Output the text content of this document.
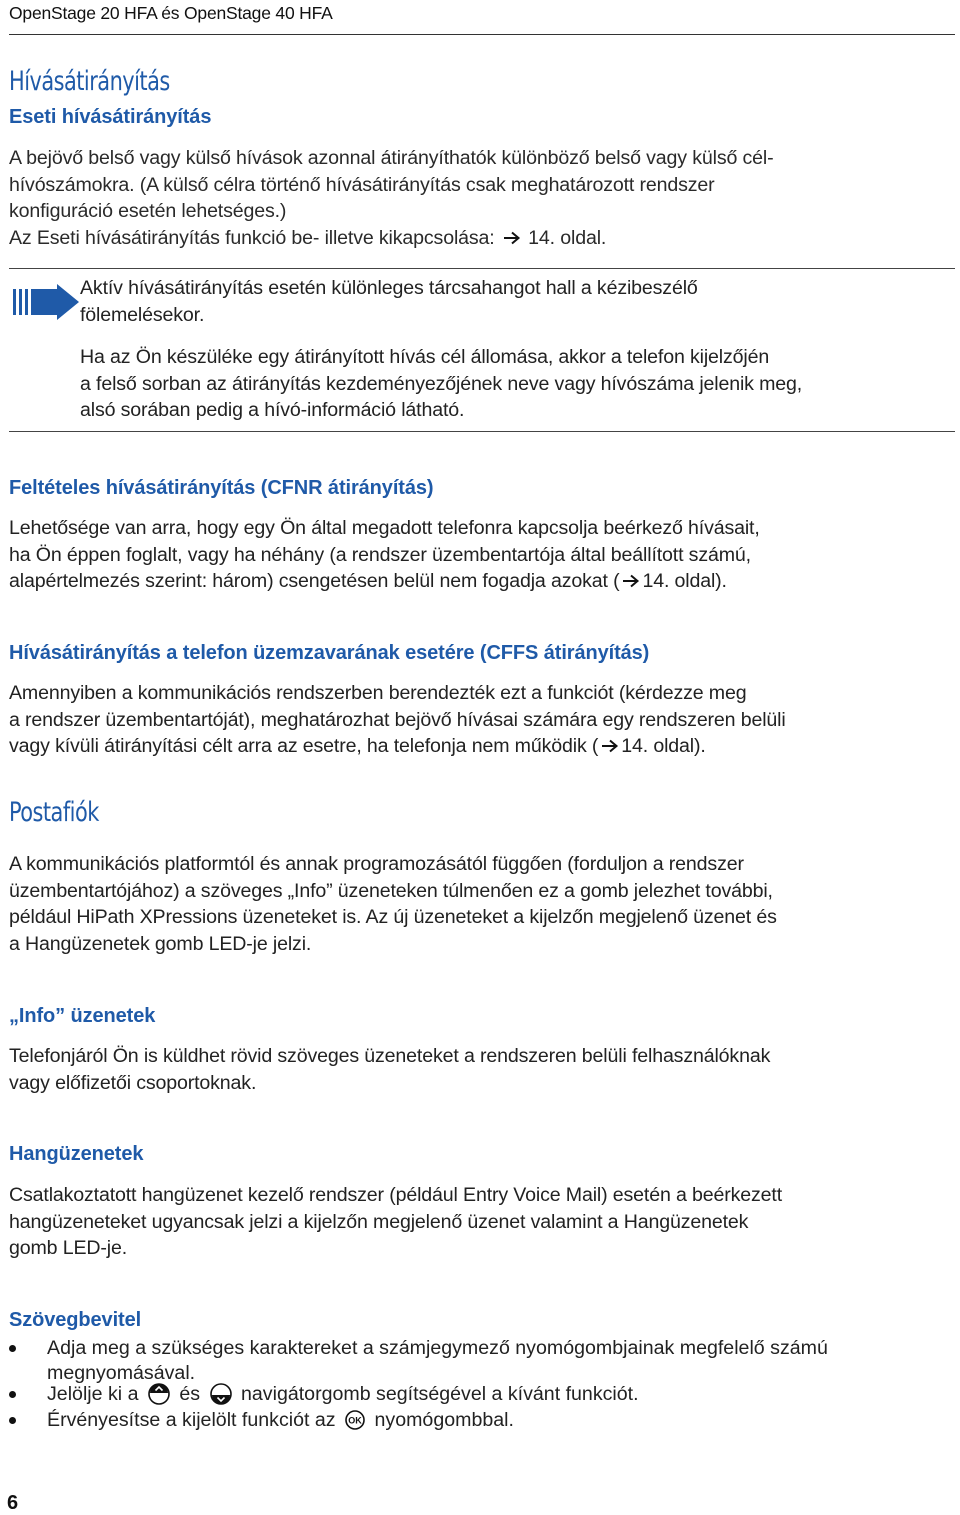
OpenStage 20 HFA és OpenStage 40 HFA
Hívásátirányítás
Eseti hívásátirányítás
A bejövő belső vagy külső hívások azonnal átirányíthatók különböző belső vagy külső cél-
hívószámokra. (A külső célra történő hívásátirányítás csak meghatározott rendszer
konfiguráció esetén lehetséges.)
Az Eseti hívásátirányítás funkció be- illetve kikapcsolása: 14. oldal.
Aktív hívásátirányítás esetén különleges tárcsahangot hall a kézibeszélő
fölemelésekor.
Ha az Ön készüléke egy átirányított hívás cél állomása, akkor a telefon kijelzőjén
a felső sorban az átirányítás kezdeményezőjének neve vagy hívószáma jelenik meg,
alsó sorában pedig a hívó-információ látható.
Feltételes hívásátirányítás (CFNR átirányítás)
Lehetősége van arra, hogy egy Ön által megadott telefonra kapcsolja beérkező hívásait,
ha Ön éppen foglalt, vagy ha néhány (a rendszer üzembentartója által beállított számú,
alapértelmezés szerint: három) csengetésen belül nem fogadja azokat ( 14. oldal).
Hívásátirányítás a telefon üzemzavarának esetére (CFFS átirányítás)
Amennyiben a kommunikációs rendszerben berendezték ezt a funkciót (kérdezze meg
a rendszer üzembentartóját), meghatározhat bejövő hívásai számára egy rendszeren belüli
vagy kívüli átirányítási célt arra az esetre, ha telefonja nem működik ( 14. oldal).
Postafiók
A kommunikációs platformtól és annak programozásától függően (forduljon a rendszer
üzembentartójához) a szöveges „Info” üzeneteken túlmenően ez a gomb jelezhet további,
például HiPath XPressions üzeneteket is. Az új üzeneteket a kijelzőn megjelenő üzenet és
a Hangüzenetek gomb LED-je jelzi.
„Info” üzenetek
Telefonjáról Ön is küldhet rövid szöveges üzeneteket a rendszeren belüli felhasználóknak
vagy előfizetői csoportoknak.
Hangüzenetek
Csatlakoztatott hangüzenet kezelő rendszer (például Entry Voice Mail) esetén a beérkezett
hangüzeneteket ugyancsak jelzi a kijelzőn megjelenő üzenet valamint a Hangüzenetek
gomb LED-je.
Szövegbevitel
Adja meg a szükséges karaktereket a számjegymező nyomógombjainak megfelelő számú
megnyomásával.
Jelölje ki a és navigátorgomb segítségével a kívánt funkciót.
Érvényesítse a kijelölt funkciót az OK nyomógombbal.
6
